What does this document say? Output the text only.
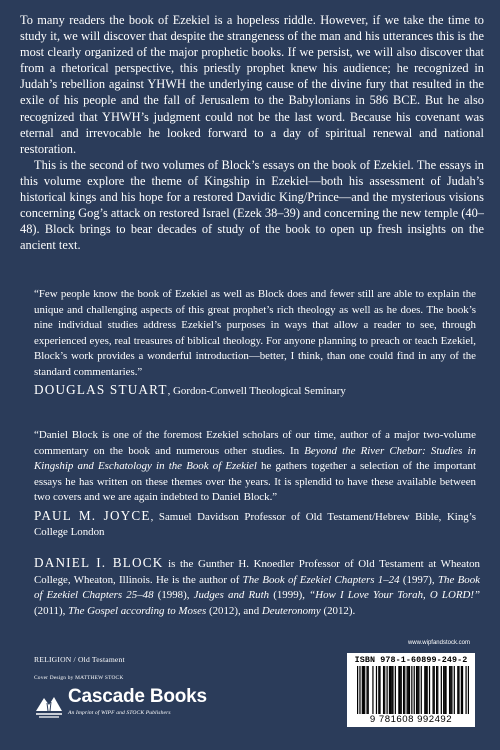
To many readers the book of Ezekiel is a hopeless riddle. However, if we take the time to study it, we will discover that despite the strangeness of the man and his utterances this is the most clearly organized of the major prophetic books. If we persist, we will also discover that from a rhetorical perspective, this priestly prophet knew his audience; he recognized in Judah’s rebellion against YHWH the underlying cause of the divine fury that resulted in the exile of his people and the fall of Jerusalem to the Babylonians in 586 BCE. But he also recognized that YHWH’s judgment could not be the last word. Because his covenant was eternal and irrevocable he looked forward to a day of spiritual renewal and national restoration.

This is the second of two volumes of Block’s essays on the book of Ezekiel. The essays in this volume explore the theme of Kingship in Ezekiel—both his assessment of Judah’s historical kings and his hope for a restored Davidic King/Prince—and the mysterious visions concerning Gog’s attack on restored Israel (Ezek 38–39) and concerning the new temple (40–48). Block brings to bear decades of study of the book to open up fresh insights on the ancient text.

“Few people know the book of Ezekiel as well as Block does and fewer still are able to explain the unique and challenging aspects of this great prophet’s rich theology as well as he does. The book’s nine individual studies address Ezekiel’s purposes in ways that allow a reader to see, through experienced eyes, real treasures of biblical theology. For anyone planning to preach or teach Ezekiel, Block’s work provides a wonderful introduction—better, I think, than one could find in any of the standard commentaries.”

DOUGLAS STUART, Gordon-Conwell Theological Seminary

“Daniel Block is one of the foremost Ezekiel scholars of our time, author of a major two-volume commentary on the book and numerous other studies. In Beyond the River Chebar: Studies in Kingship and Eschatology in the Book of Ezekiel he gathers together a selection of the important essays he has written on these themes over the years. It is splendid to have these available between two covers and we are again indebted to Daniel Block.”

PAUL M. JOYCE, Samuel Davidson Professor of Old Testament/Hebrew Bible, King’s College London
DANIEL I. BLOCK is the Gunther H. Knoedler Professor of Old Testament at Wheaton College, Wheaton, Illinois. He is the author of The Book of Ezekiel Chapters 1–24 (1997), The Book of Ezekiel Chapters 25–48 (1998), Judges and Ruth (1999), “How I Love Your Torah, O LORD!” (2011), The Gospel according to Moses (2012), and Deuteronomy (2012).
RELIGION / Old Testament
Cover Design by MATTHEW STOCK
Cascade Books
An Imprint of WIPF and STOCK Publishers
www.wipfandstock.com
ISBN 978-1-60899-249-2
9 781608 992492
